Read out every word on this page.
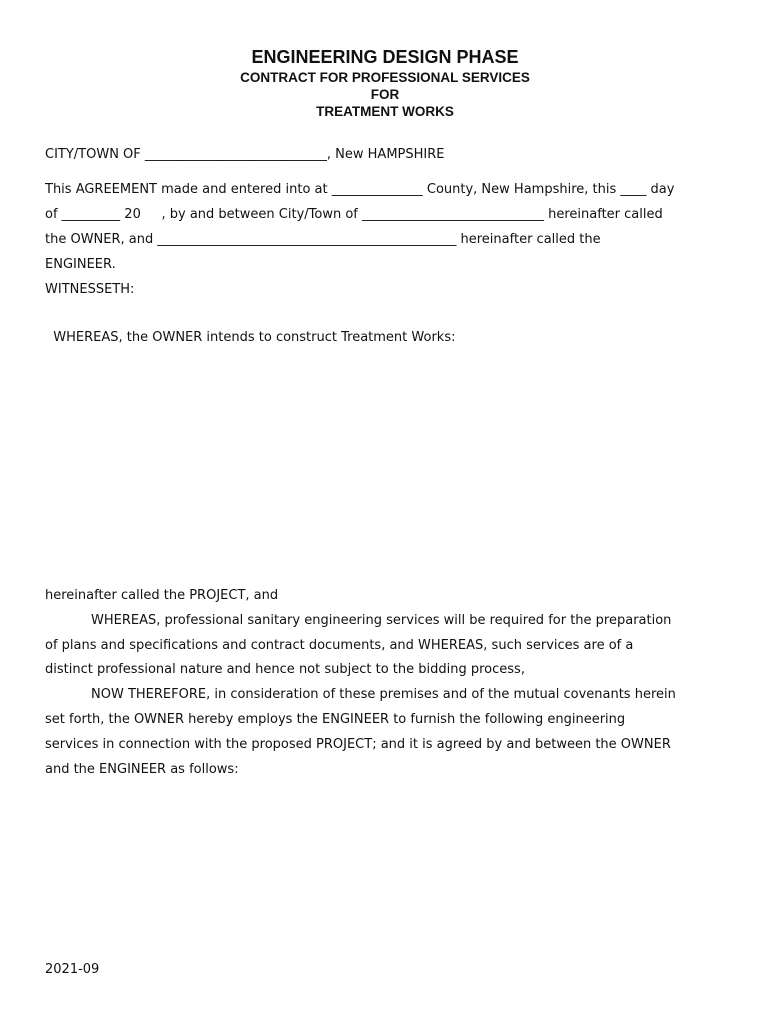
ENGINEERING DESIGN PHASE
CONTRACT FOR PROFESSIONAL SERVICES
FOR
TREATMENT WORKS
CITY/TOWN OF ____________________________, New HAMPSHIRE
This AGREEMENT made and entered into at ______________ County, New Hampshire, this ____ day
of _________ 20     , by and between City/Town of ____________________________ hereinafter called
the OWNER, and ______________________________________________ hereinafter called the
ENGINEER.
WITNESSETH:
WHEREAS, the OWNER intends to construct Treatment Works:
hereinafter called the PROJECT, and
WHEREAS, professional sanitary engineering services will be required for the preparation
of plans and specifications and contract documents, and WHEREAS, such services are of a
distinct professional nature and hence not subject to the bidding process,
NOW THEREFORE, in consideration of these premises and of the mutual covenants herein
set forth, the OWNER hereby employs the ENGINEER to furnish the following engineering
services in connection with the proposed PROJECT; and it is agreed by and between the OWNER
and the ENGINEER as follows:
2021-09
